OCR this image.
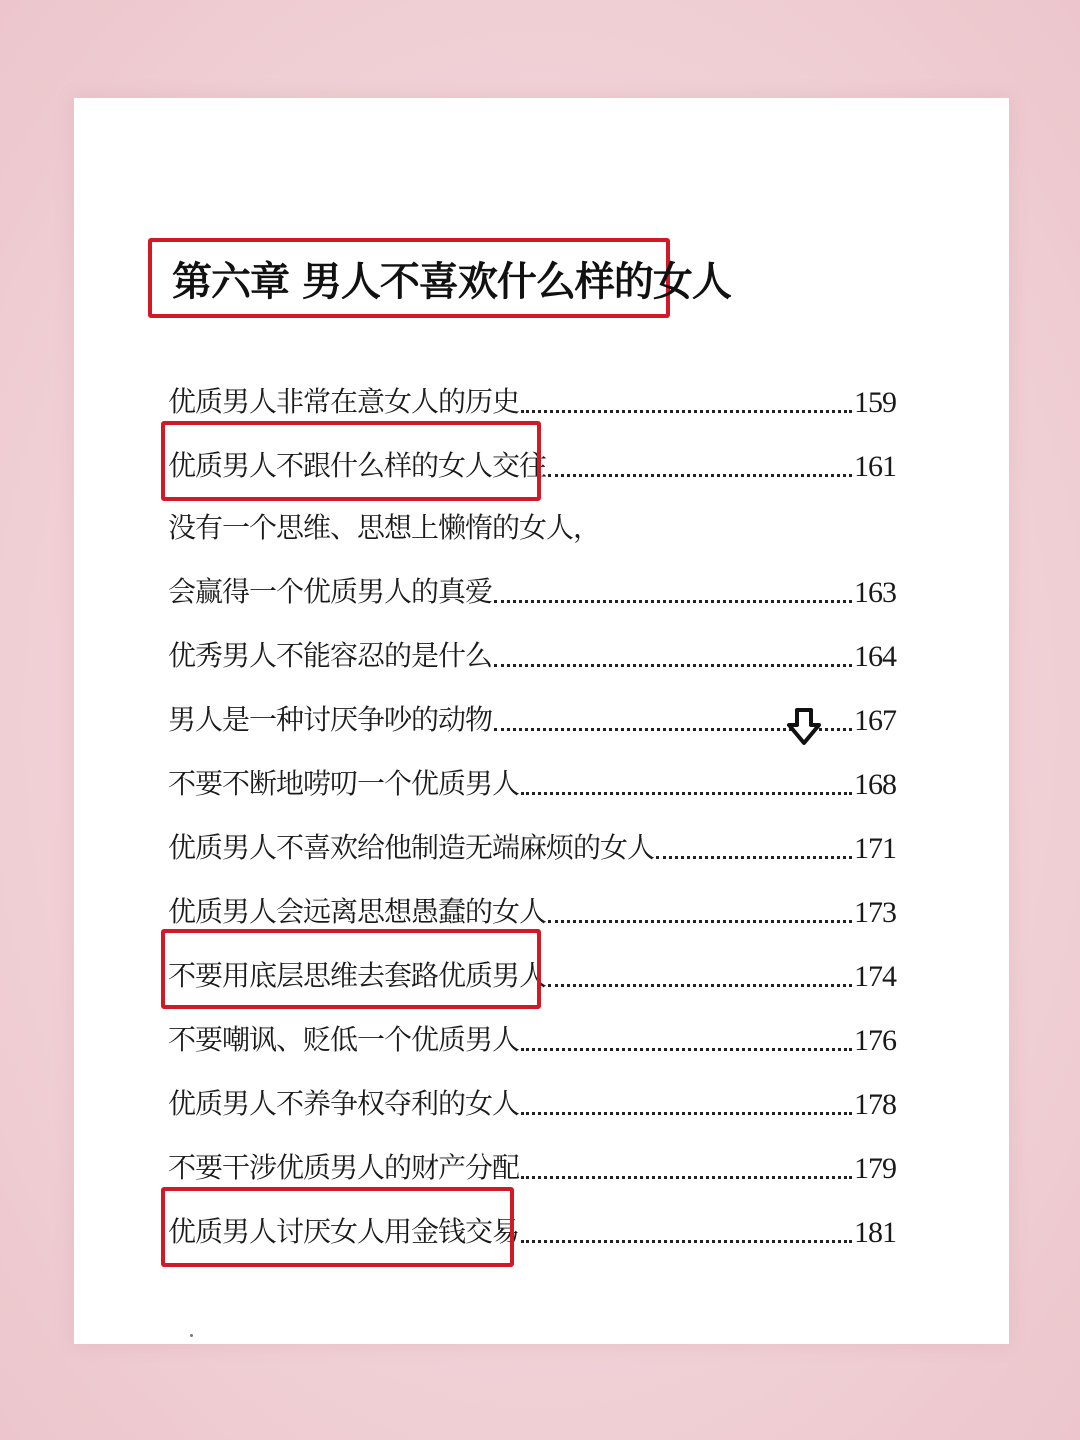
第六章 男人不喜欢什么样的女人
优质男人非常在意女人的历史	159
优质男人不跟什么样的女人交往	161
没有一个思维、思想上懒惰的女人，
会赢得一个优质男人的真爱	163
优秀男人不能容忍的是什么	164
男人是一种讨厌争吵的动物	167
不要不断地唠叨一个优质男人	168
优质男人不喜欢给他制造无端麻烦的女人	171
优质男人会远离思想愚蠢的女人	173
不要用底层思维去套路优质男人	174
不要嘲讽、贬低一个优质男人	176
优质男人不养争权夺利的女人	178
不要干涉优质男人的财产分配	179
优质男人讨厌女人用金钱交易	181
